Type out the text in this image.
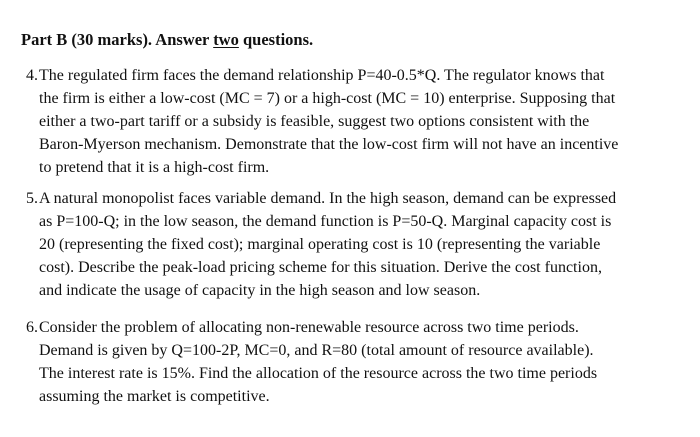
Part B (30 marks). Answer two questions.
4. The regulated firm faces the demand relationship P=40-0.5*Q. The regulator knows that
the firm is either a low-cost (MC = 7) or a high-cost (MC = 10) enterprise. Supposing that
either a two-part tariff or a subsidy is feasible, suggest two options consistent with the
Baron-Myerson mechanism. Demonstrate that the low-cost firm will not have an incentive
to pretend that it is a high-cost firm.
5. A natural monopolist faces variable demand. In the high season, demand can be expressed
as P=100-Q; in the low season, the demand function is P=50-Q. Marginal capacity cost is
20 (representing the fixed cost); marginal operating cost is 10 (representing the variable
cost). Describe the peak-load pricing scheme for this situation. Derive the cost function,
and indicate the usage of capacity in the high season and low season.
6. Consider the problem of allocating non-renewable resource across two time periods.
Demand is given by Q=100-2P, MC=0, and R=80 (total amount of resource available).
The interest rate is 15%. Find the allocation of the resource across the two time periods
assuming the market is competitive.
